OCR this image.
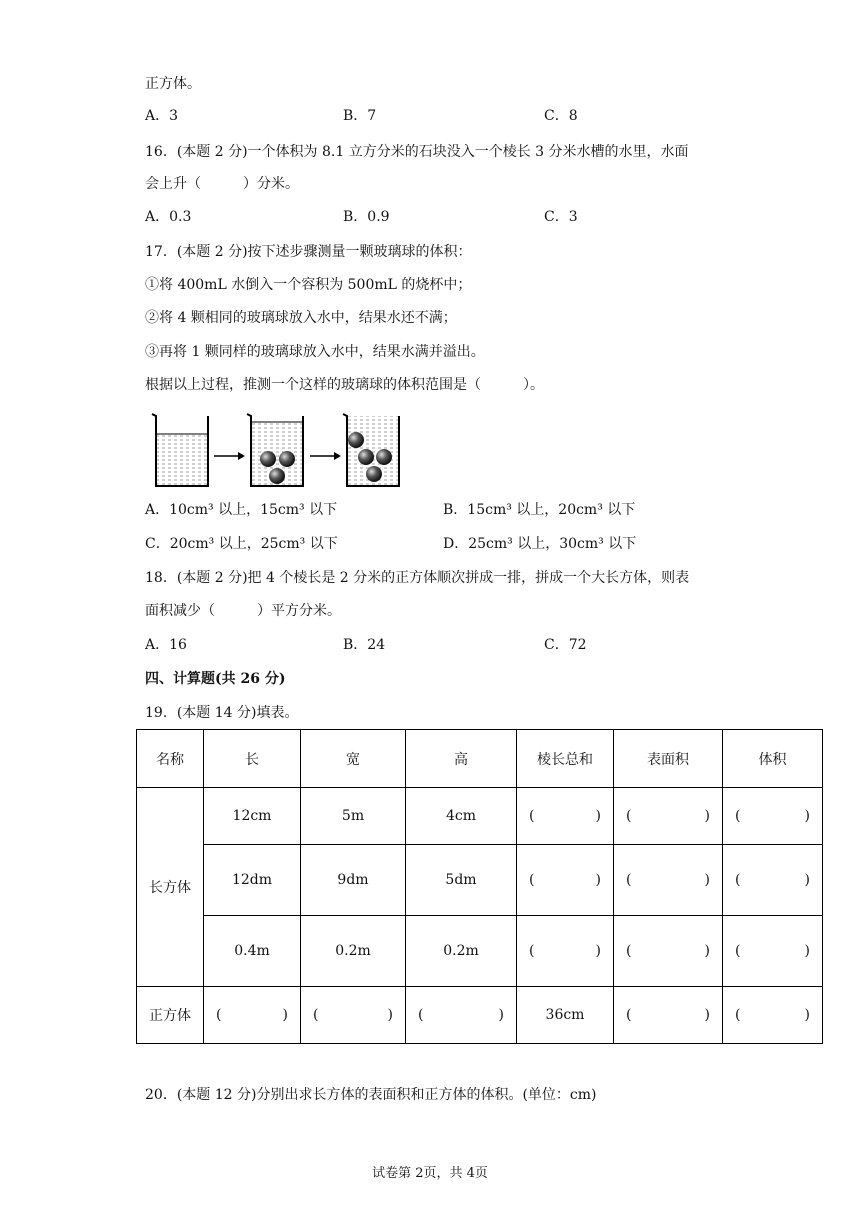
正方体。
A．3	B．7	C．8
16．(本题 2 分)一个体积为 8.1 立方分米的石块没入一个棱长 3 分米水槽的水里，水面
会上升（　　　）分米。
A．0.3	B．0.9	C．3
17．(本题 2 分)按下述步骤测量一颗玻璃球的体积：
①将 400mL 水倒入一个容积为 500mL 的烧杯中；
②将 4 颗相同的玻璃球放入水中，结果水还不满；
③再将 1 颗同样的玻璃球放入水中，结果水满并溢出。
根据以上过程，推测一个这样的玻璃球的体积范围是（　　　）。
A．10cm³ 以上，15cm³ 以下	B．15cm³ 以上，20cm³ 以下
C．20cm³ 以上，25cm³ 以下	D．25cm³ 以上，30cm³ 以下
18．(本题 2 分)把 4 个棱长是 2 分米的正方体顺次拼成一排，拼成一个大长方体，则表
面积减少（　　　）平方分米。
A．16	B．24	C．72
四、计算题(共 26 分)
19．(本题 14 分)填表。
名称	长	宽	高	棱长总和	表面积	体积
长方体	12cm	5m	4cm	( )	( )	( )

	12dm	9dm	5dm	( )	( )	( )

	0.4m	0.2m	0.2m	( )	( )	( )

正方体	( )	( )	( )	36cm	( )	( )
20．(本题 12 分)分别出求长方体的表面积和正方体的体积。(单位：cm)
试卷第 2页，共 4页
